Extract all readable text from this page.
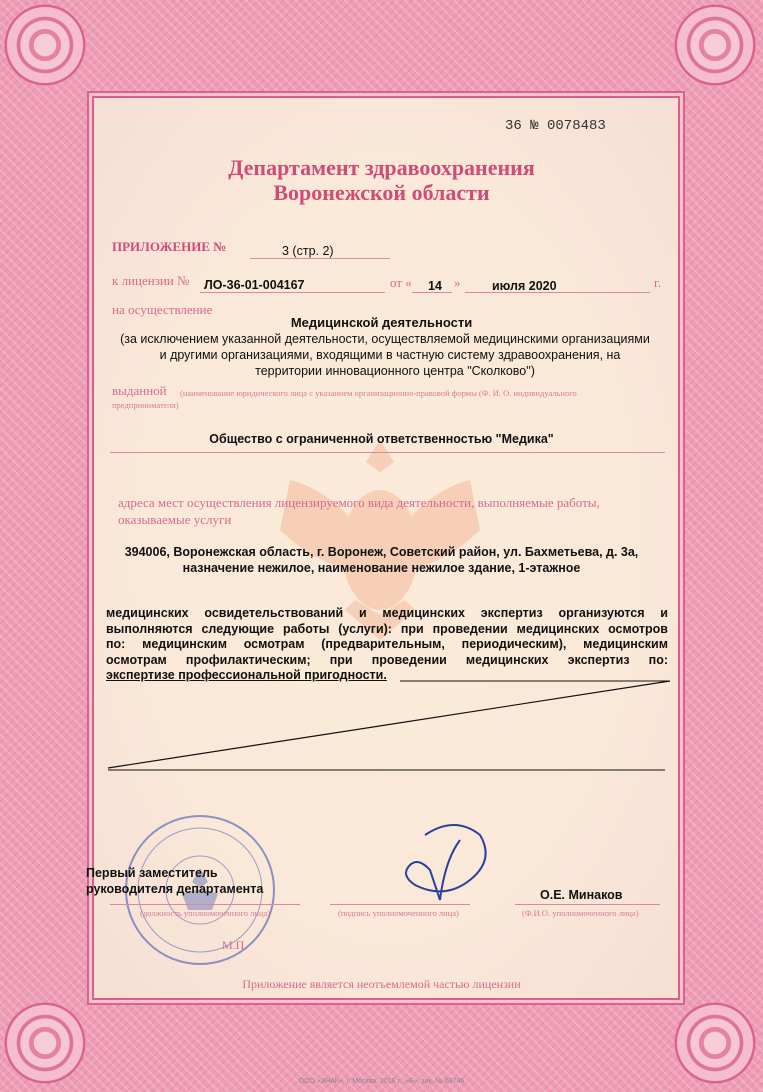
36 № 0078483
Департамент здравоохранения
Воронежской области
ПРИЛОЖЕНИЕ №	3 (стр. 2)
к лицензии № ЛО-36-01-004167	от « 14 »	июля 2020	г.
на осуществление
Медицинской деятельности
(за исключением указанной деятельности, осуществляемой медицинскими организациями
и другими организациями, входящими в частную систему здравоохранения, на
территории инновационного центра "Сколково")
выданной (наименование юридического лица с указанием организационно-правовой формы (Ф. И. О. индивидуального
предпринимателя)
Общество с ограниченной ответственностью "Медика"
адреса мест осуществления лицензируемого вида деятельности, выполняемые работы,
оказываемые услуги
394006, Воронежская область, г. Воронеж, Советский район, ул. Бахметьева, д. 3а,
назначение нежилое, наименование нежилое здание, 1-этажное
медицинских освидетельствований и медицинских экспертиз организуются и
выполняются следующие работы (услуги): при проведении медицинских осмотров
по: медицинским осмотрам (предварительным, периодическим), медицинским
осмотрам профилактическим; при проведении медицинских экспертиз по:
экспертизе профессиональной пригодности.
Первый заместитель
руководителя департамента
(должность уполномоченного лица)	(подпись уполномоченного лица)
О.Е. Минаков
(Ф.И.О. уполномоченного лица)
М.П.
Приложение является неотъемлемой частью лицензии
ООО «ЗНАК», г. Москва, 2018 г., «Б», зак. № 69746
